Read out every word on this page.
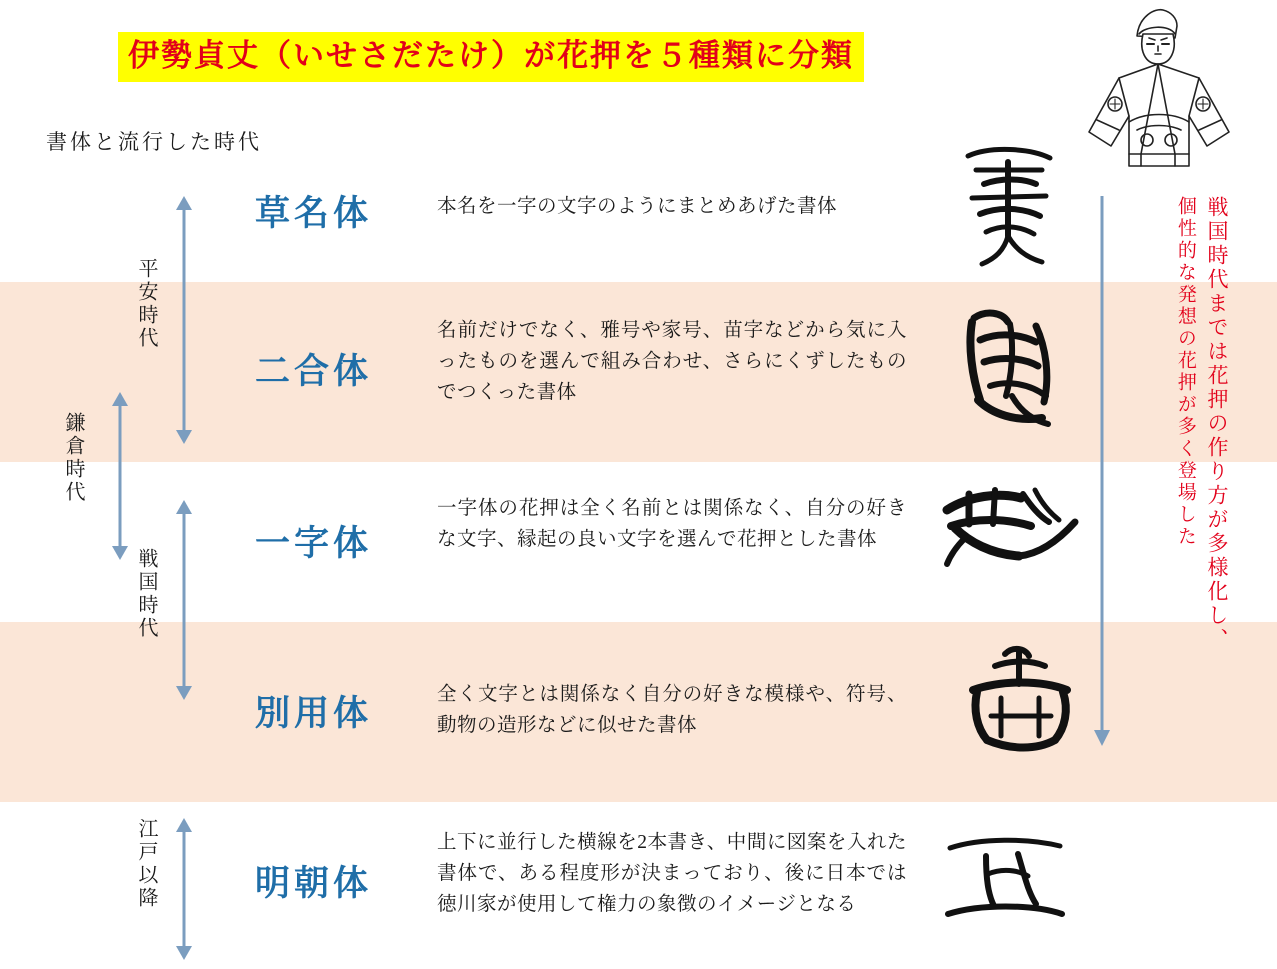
伊勢貞丈（いせさだたけ）が花押を５種類に分類
書体と流行した時代
平安時代
鎌倉時代
戦国時代
江戸以降
草名体	本名を一字の文字のようにまとめあげた書体
二合体
名前だけでなく、雅号や家号、苗字などから気に入ったものを選んで組み合わせ、さらにくずしたものでつくった書体
一字体
一字体の花押は全く名前とは関係なく、自分の好きな文字、縁起の良い文字を選んで花押とした書体
別用体	全く文字とは関係なく自分の好きな模様や、符号、動物の造形などに似せた書体
明朝体
上下に並行した横線を2本書き、中間に図案を入れた書体で、ある程度形が決まっており、後に日本では徳川家が使用して権力の象徴のイメージとなる
戦国時代までは花押の作り方が多様化し、
個性的な発想の花押が多く登場した
